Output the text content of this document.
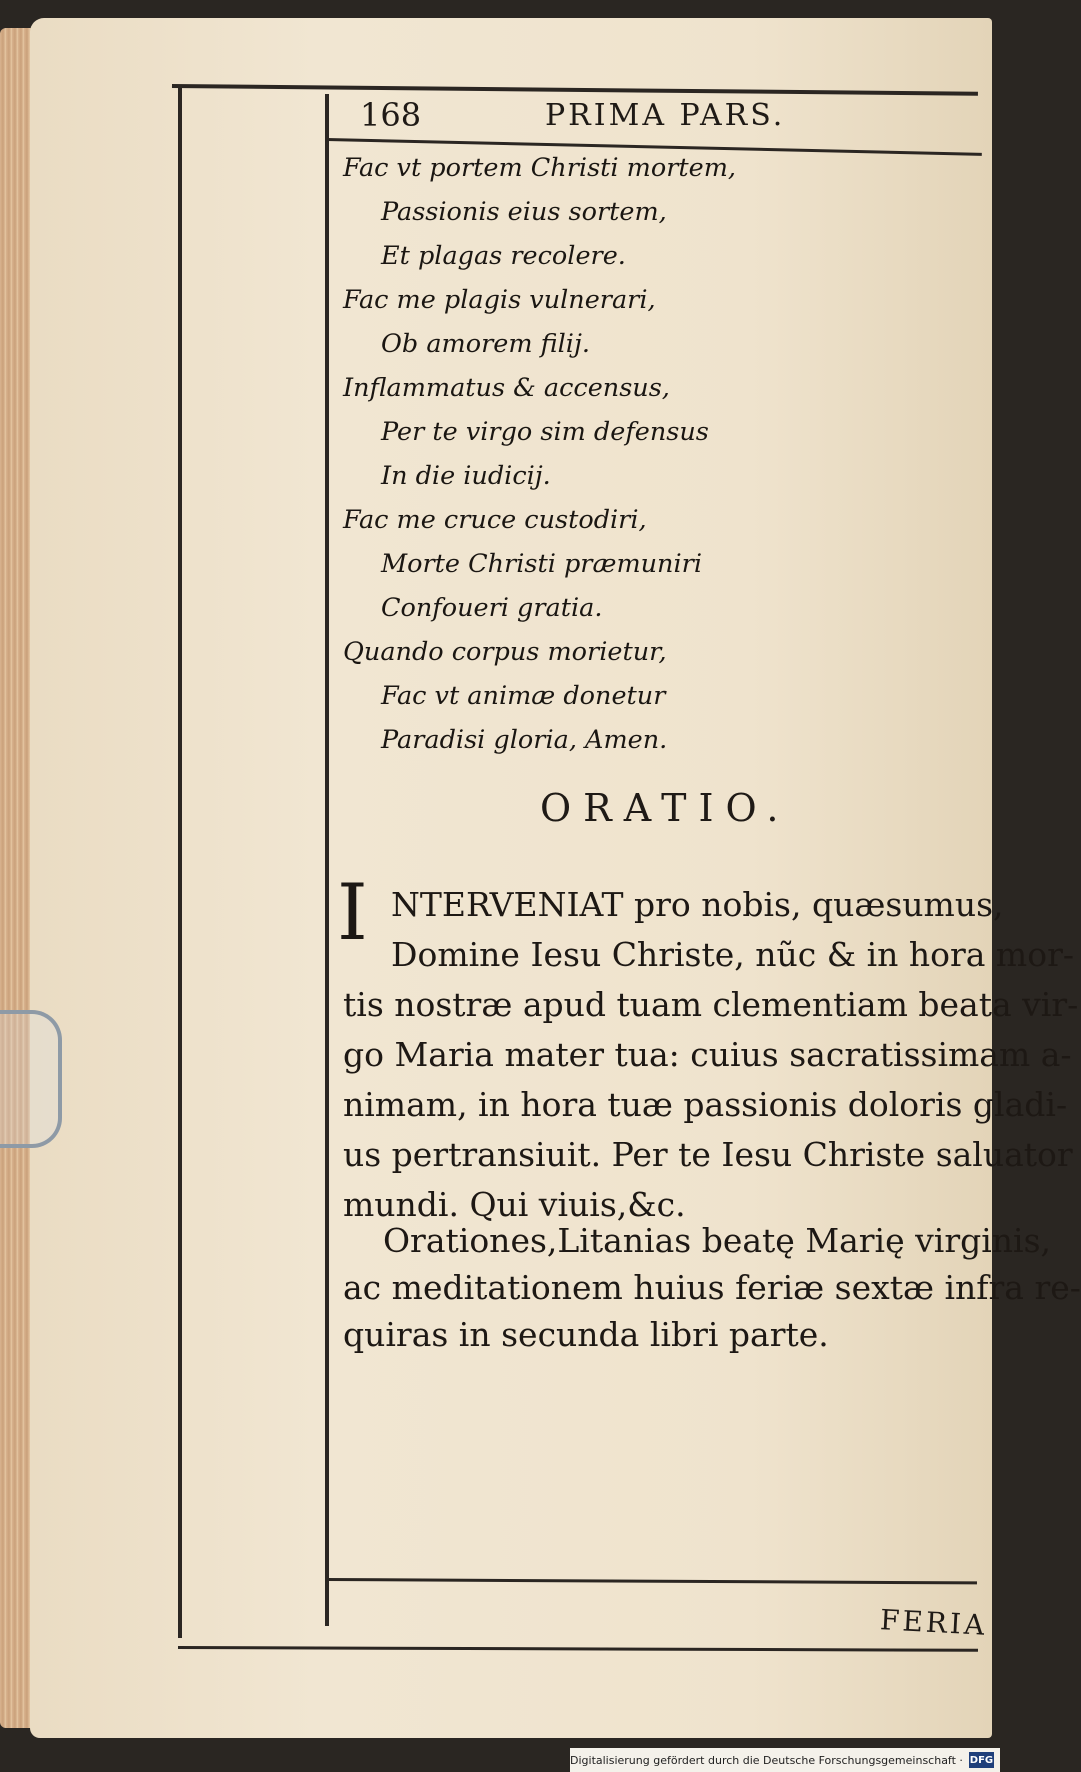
168	PRIMA PARS.
Fac vt portem Christi mortem,
Passionis eius sortem,
Et plagas recolere.
Fac me plagis vulnerari,
Ob amorem filij.
Inflammatus & accensus,
Per te virgo sim defensus
In die iudicij.
Fac me cruce custodiri,
Morte Christi præmuniri
Confoueri gratia.
Quando corpus morietur,
Fac vt animæ donetur
Paradisi gloria, Amen.
ORATIO.
I NTERVENIAT pro nobis, quæsumus,
Domine Iesu Christe, nũc & in hora mor-
tis nostræ apud tuam clementiam beata vir-
go Maria mater tua: cuius sacratissimam a-
nimam, in hora tuæ passionis doloris gladi-
us pertransiuit. Per te Iesu Christe saluator
mundi. Qui viuis,&c.
Orationes,Litanias beatę Marię virginis,
ac meditationem huius feriæ sextæ infra re-
quiras in secunda libri parte.
FERIA
Digitalisierung gefördert durch die Deutsche Forschungsgemeinschaft · DFG
